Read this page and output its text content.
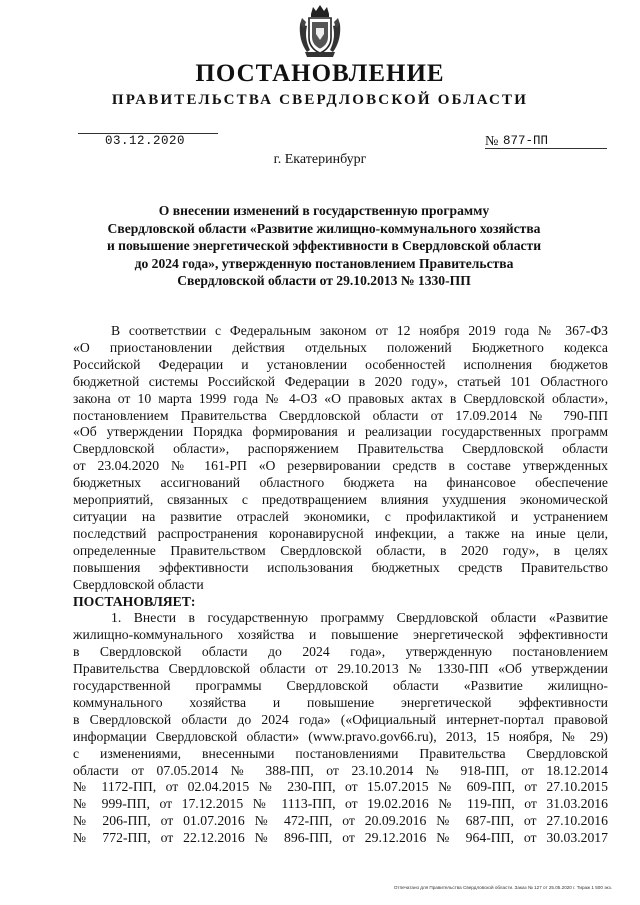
ПОСТАНОВЛЕНИЕ
ПРАВИТЕЛЬСТВА СВЕРДЛОВСКОЙ ОБЛАСТИ
03.12.2020	№ 877-ПП
г. Екатеринбург
О внесении изменений в государственную программу
Свердловской области «Развитие жилищно-коммунального хозяйства
и повышение энергетической эффективности в Свердловской области
до 2024 года», утвержденную постановлением Правительства
Свердловской области от 29.10.2013 № 1330-ПП
В соответствии с Федеральным законом от 12 ноября 2019 года № 367-ФЗ
«О приостановлении действия отдельных положений Бюджетного кодекса
Российской Федерации и установлении особенностей исполнения бюджетов
бюджетной системы Российской Федерации в 2020 году», статьей 101 Областного
закона от 10 марта 1999 года № 4-ОЗ «О правовых актах в Свердловской области»,
постановлением Правительства Свердловской области от 17.09.2014 № 790-ПП
«Об утверждении Порядка формирования и реализации государственных программ
Свердловской области», распоряжением Правительства Свердловской области
от 23.04.2020 № 161-РП «О резервировании средств в составе утвержденных
бюджетных ассигнований областного бюджета на финансовое обеспечение
мероприятий, связанных с предотвращением влияния ухудшения экономической
ситуации на развитие отраслей экономики, с профилактикой и устранением
последствий распространения коронавирусной инфекции, а также на иные цели,
определенные Правительством Свердловской области, в 2020 году», в целях
повышения эффективности использования бюджетных средств Правительство
Свердловской области
ПОСТАНОВЛЯЕТ:
1. Внести в государственную программу Свердловской области «Развитие
жилищно-коммунального хозяйства и повышение энергетической эффективности
в Свердловской области до 2024 года», утвержденную постановлением
Правительства Свердловской области от 29.10.2013 № 1330-ПП «Об утверждении
государственной программы Свердловской области «Развитие жилищно-
коммунального хозяйства и повышение энергетической эффективности
в Свердловской области до 2024 года» («Официальный интернет-портал правовой
информации Свердловской области» (www.pravo.gov66.ru), 2013, 15 ноября, № 29)
с изменениями, внесенными постановлениями Правительства Свердловской
области от 07.05.2014 № 388-ПП, от 23.10.2014 № 918-ПП, от 18.12.2014
№ 1172-ПП, от 02.04.2015 № 230-ПП, от 15.07.2015 № 609-ПП, от 27.10.2015
№ 999-ПП, от 17.12.2015 № 1113-ПП, от 19.02.2016 № 119-ПП, от 31.03.2016
№ 206-ПП, от 01.07.2016 № 472-ПП, от 20.09.2016 № 687-ПП, от 27.10.2016
№ 772-ПП, от 22.12.2016 № 896-ПП, от 29.12.2016 № 964-ПП, от 30.03.2017
Отпечатано для Правительства Свердловской области. Заказ № 127 от 25.05.2020 г. Тираж 1 500 экз.
